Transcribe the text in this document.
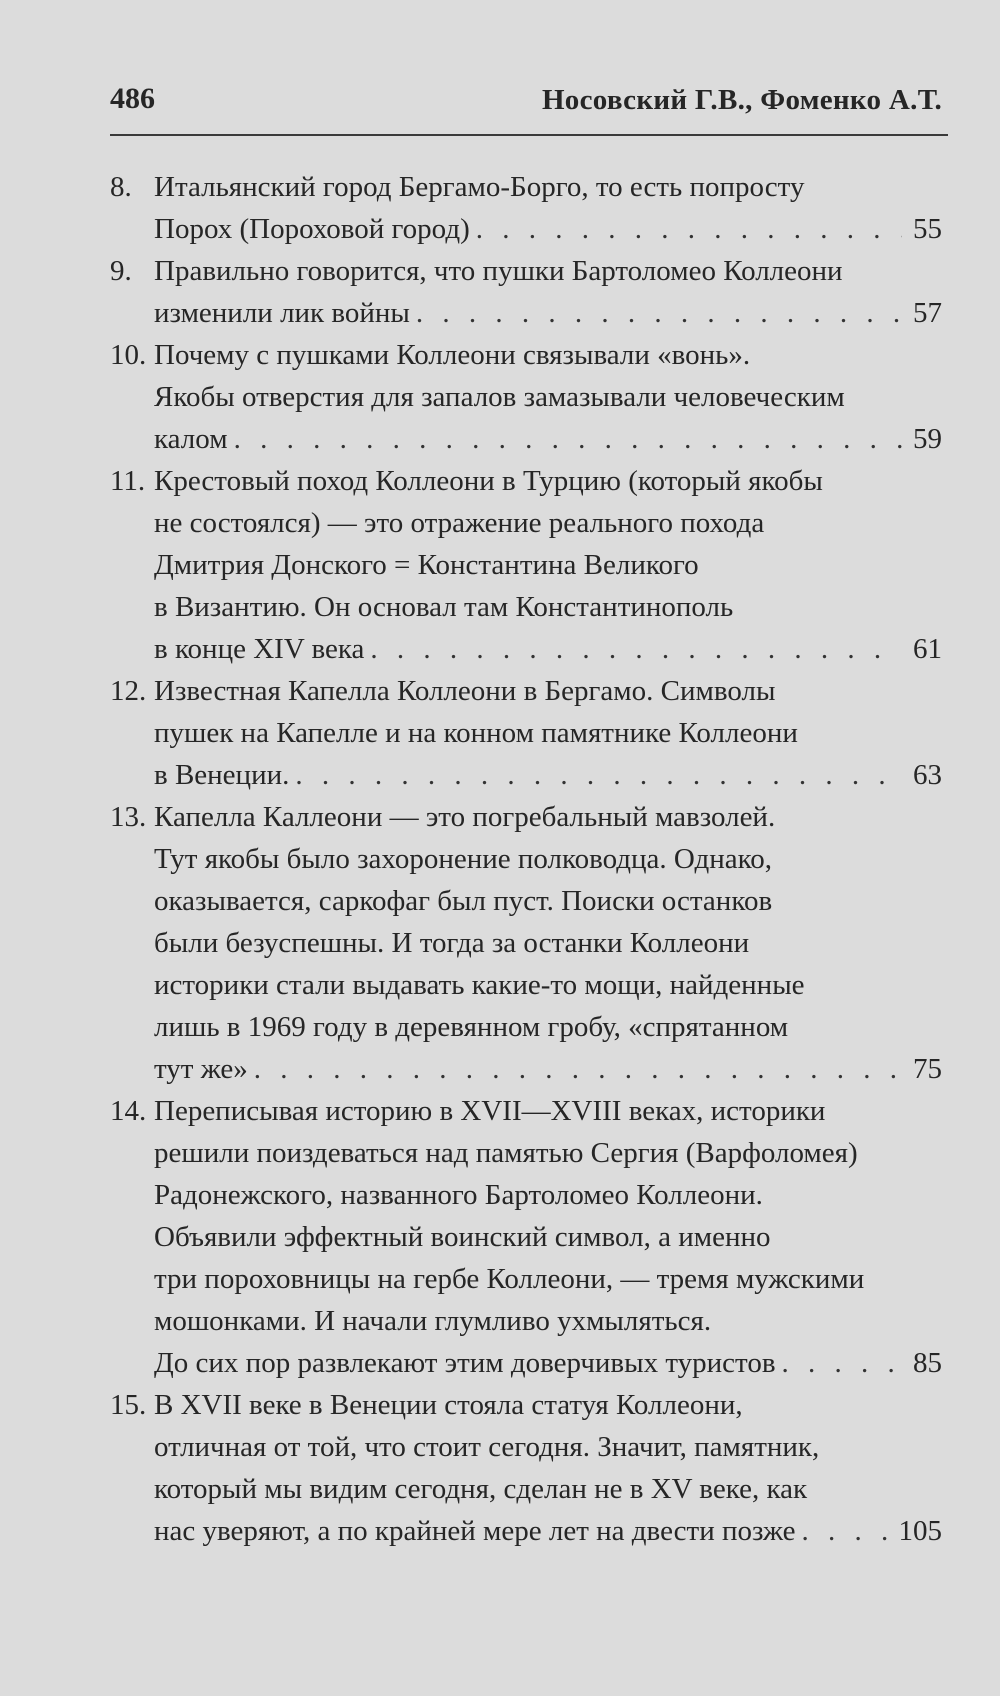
486	Носовский Г.В., Фоменко А.Т.
8. Итальянский город Бергамо-Борго, то есть попросту
Порох (Пороховой город) . . .	55
9. Правильно говорится, что пушки Бартоломео Коллеони
изменили лик войны . . .	57
10. Почему с пушками Коллеони связывали «вонь».
Якобы отверстия для запалов замазывали человеческим
калом . . .	59
11. Крестовый поход Коллеони в Турцию (который якобы
не состоялся) — это отражение реального похода
Дмитрия Донского = Константина Великого
в Византию. Он основал там Константинополь
в конце XIV века . . .	61
12. Известная Капелла Коллеони в Бергамо. Символы
пушек на Капелле и на конном памятнике Коллеони
в Венеции. . . .	63
13. Капелла Каллеони — это погребальный мавзолей.
Тут якобы было захоронение полководца. Однако,
оказывается, саркофаг был пуст. Поиски останков
были безуспешны. И тогда за останки Коллеони
историки стали выдавать какие-то мощи, найденные
лишь в 1969 году в деревянном гробу, «спрятанном
тут же» . . .	75
14. Переписывая историю в XVII—XVIII веках, историки
решили поиздеваться над памятью Сергия (Варфоломея)
Радонежского, названного Бартоломео Коллеони.
Объявили эффектный воинский символ, а именно
три пороховницы на гербе Коллеони, — тремя мужскими
мошонками. И начали глумливо ухмыляться.
До сих пор развлекают этим доверчивых туристов . . .	85
15. В XVII веке в Венеции стояла статуя Коллеони,
отличная от той, что стоит сегодня. Значит, памятник,
который мы видим сегодня, сделан не в XV веке, как
нас уверяют, а по крайней мере лет на двести позже . . .	105
